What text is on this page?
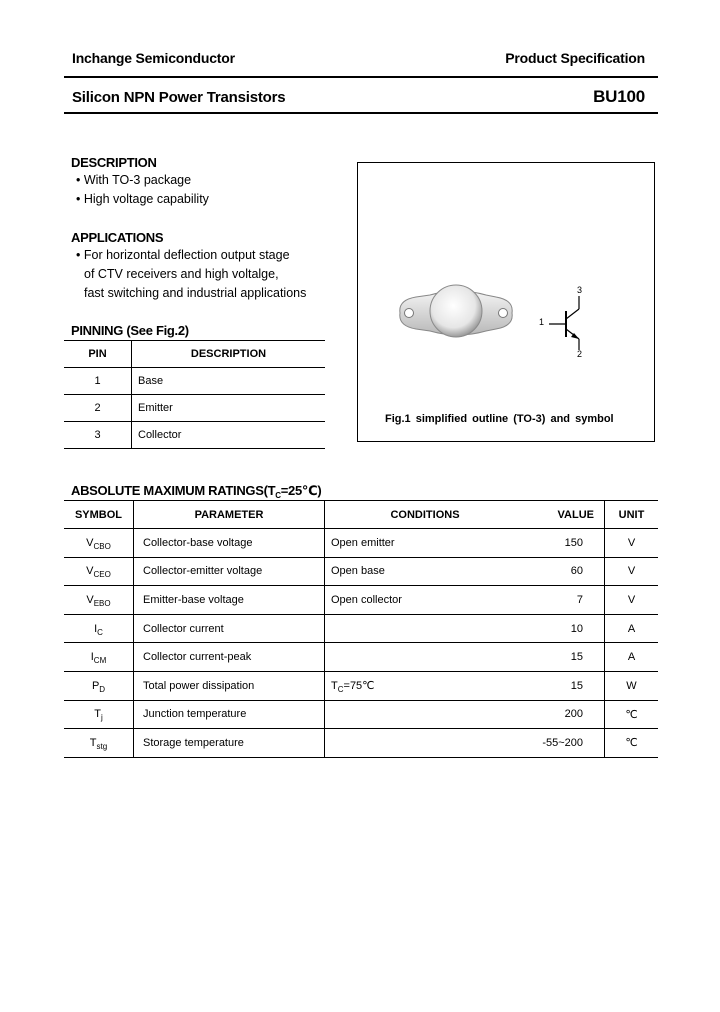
Inchange Semiconductor	Product Specification
Silicon NPN Power Transistors	BU100
DESCRIPTION
• With TO-3 package
• High voltage capability
APPLICATIONS
• For horizontal deflection output stage
of CTV receivers and high voltalge,
fast switching and industrial applications
PINNING (See Fig.2)
PIN	DESCRIPTION
1	Base
2	Emitter
3	Collector
1
2
3
Fig.1 simplified outline (TO-3) and symbol
ABSOLUTE MAXIMUM $RATINGS(T_C=25℃)$
SYMBOL	PARAMETER	CONDITIONS	VALUE	UNIT
$V_{CBO}$	Collector-base voltage	Open emitter	150	V
$V_{CEO}$	Collector-emitter voltage	Open base	60	V
$V_{EBO}$	Emitter-base voltage	Open collector	7	V
$I_C$	Collector current		10	A
$I_{CM}$	Collector current-peak		15	A
$P_D$	Total power dissipation	$T_C=75℃$	15	W
$T_j$	Junction temperature		200	℃
$T_{stg}$	Storage temperature		-55~200	℃
